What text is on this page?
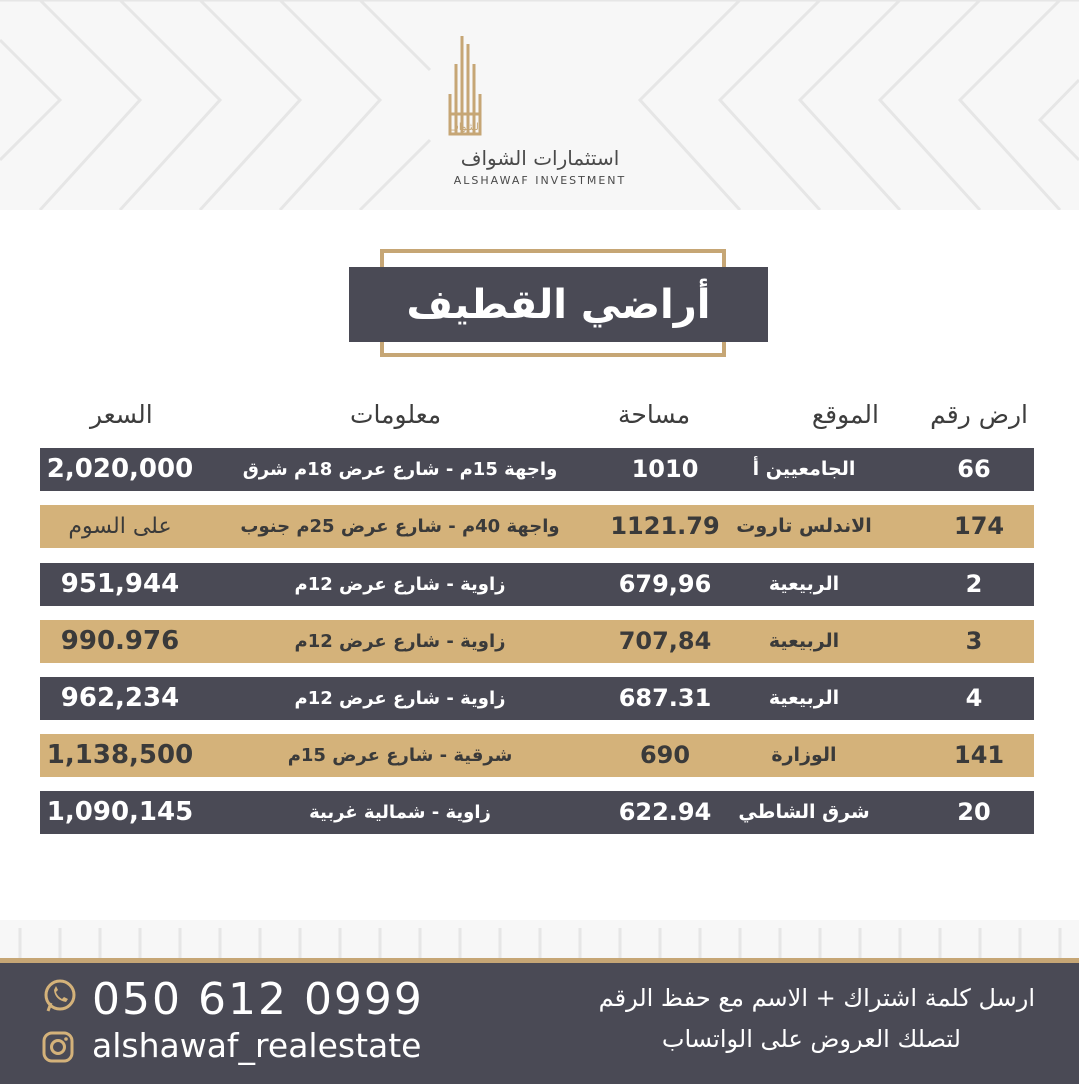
الشواف
استثمارات الشواف
ALSHAWAF INVESTMENT
أراضي القطيف
ارض رقم
الموقع
مساحة
معلومات
السعر
66
الجامعيين أ
1010
واجهة 15م - شارع عرض 18م شرق
2,020,000
174
الاندلس تاروت
1121.79
واجهة 40م - شارع عرض 25م جنوب
على السوم
2
الربيعية
679,96
زاوية - شارع عرض 12م
951,944
3
الربيعية
707,84
زاوية - شارع عرض 12م
990.976
4
الربيعية
687.31
زاوية - شارع عرض 12م
962,234
141
الوزارة
690
شرقية - شارع عرض 15م
1,138,500
20
شرق الشاطي
622.94
زاوية - شمالية غربية
1,090,145
050 612 0999
alshawaf_realestate
ارسل كلمة اشتراك + الاسم مع حفظ الرقم
لتصلك العروض على الواتساب
